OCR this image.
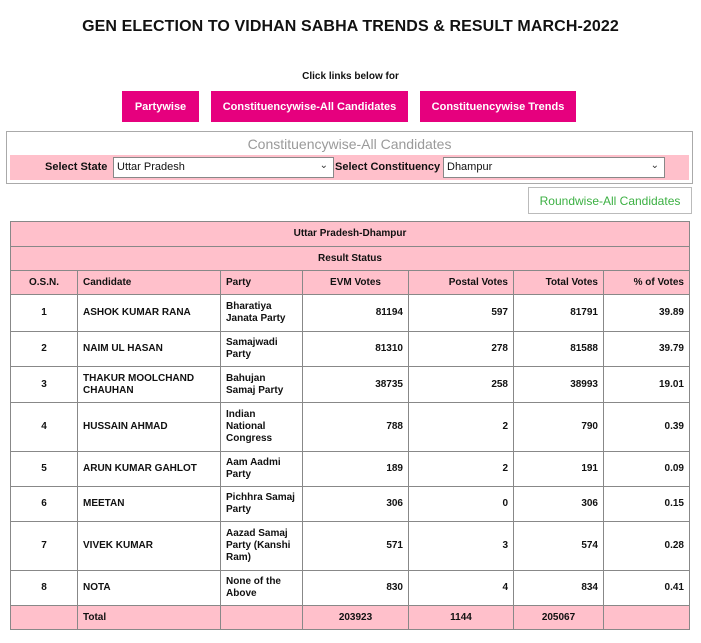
GEN ELECTION TO VIDHAN SABHA TRENDS & RESULT MARCH-2022
Click links below for
Partywise	Constituencywise-All Candidates	Constituencywise Trends
Constituencywise-All Candidates
Select State Uttar Pradesh	⌄ Select Constituency Dhampur	⌄
Roundwise-All Candidates
Uttar Pradesh-Dhampur						
Result Status						
O.S.N.	Candidate	Party	EVM Votes	Postal Votes	Total Votes	% of Votes
1	ASHOK KUMAR RANA	Bharatiya Janata Party	81194	597	81791	39.89
2	NAIM UL HASAN	Samajwadi Party	81310	278	81588	39.79
3	THAKUR MOOLCHAND CHAUHAN	Bahujan Samaj Party	38735	258	38993	19.01
4	HUSSAIN AHMAD	Indian National Congress	788	2	790	0.39
5	ARUN KUMAR GAHLOT	Aam Aadmi Party	189	2	191	0.09
6	MEETAN	Pichhra Samaj Party	306	0	306	0.15
7	VIVEK KUMAR	Aazad Samaj Party (Kanshi Ram)	571	3	574	0.28
8	NOTA	None of the Above	830	4	834	0.41
	Total		203923	1144	205067	
